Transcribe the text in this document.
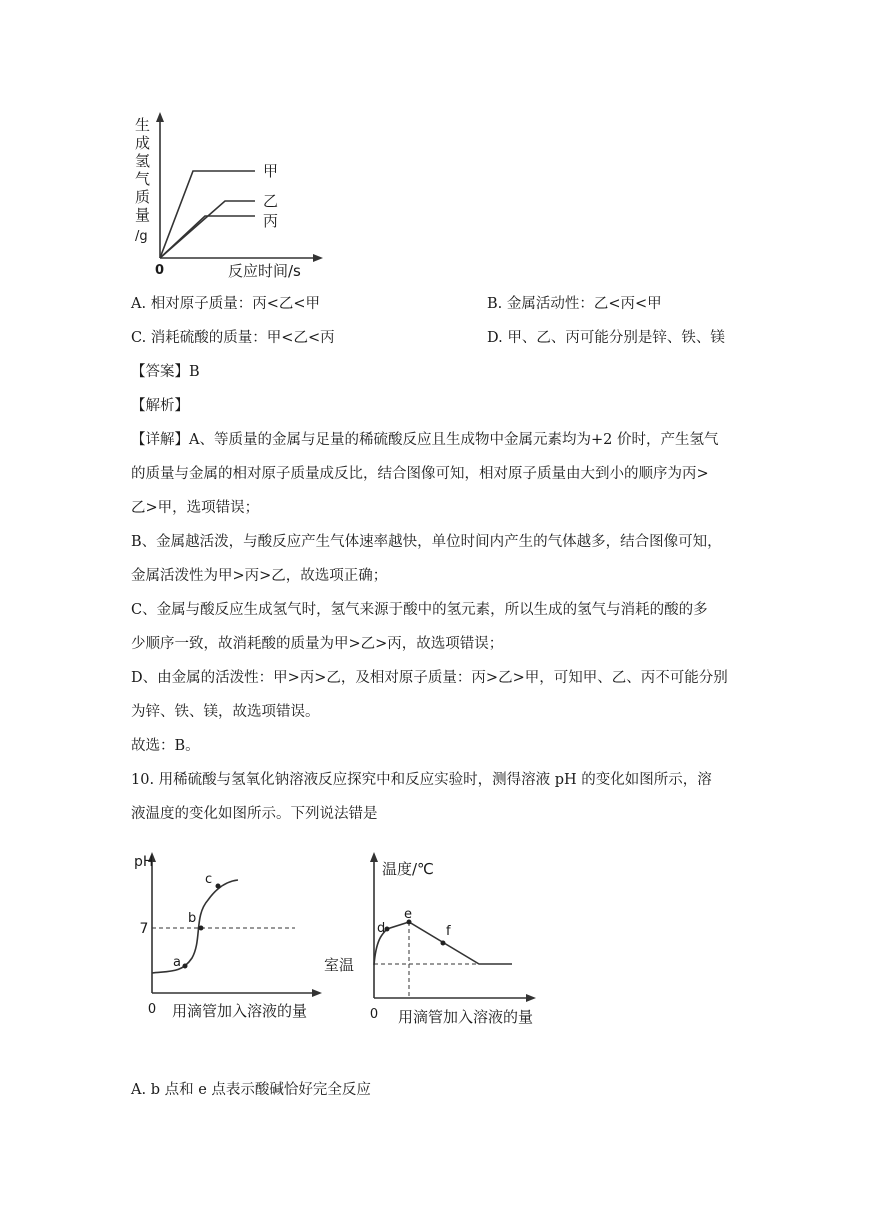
生
成
氢
气
质
量
/g
0	反应时间/s
甲
乙
丙
A. 相对原子质量：丙<乙<甲	B. 金属活动性：乙<丙<甲
C. 消耗硫酸的质量：甲<乙<丙	D. 甲、乙、丙可能分别是锌、铁、镁
【答案】B
【解析】
【详解】A、等质量的金属与足量的稀硫酸反应且生成物中金属元素均为+2 价时，产生氢气
的质量与金属的相对原子质量成反比，结合图像可知，相对原子质量由大到小的顺序为丙>
乙>甲，选项错误；
B、金属越活泼，与酸反应产生气体速率越快，单位时间内产生的气体越多，结合图像可知，
金属活泼性为甲>丙>乙，故选项正确；
C、金属与酸反应生成氢气时，氢气来源于酸中的氢元素，所以生成的氢气与消耗的酸的多
少顺序一致，故消耗酸的质量为甲>乙>丙，故选项错误；
D、由金属的活泼性：甲>丙>乙，及相对原子质量：丙>乙>甲，可知甲、乙、丙不可能分别
为锌、铁、镁，故选项错误。
故选：B。
10. 用稀硫酸与氢氧化钠溶液反应探究中和反应实验时，测得溶液 pH 的变化如图所示，溶
液温度的变化如图所示。下列说法错是
pH
7
0
a
b
c
用滴管加入溶液的量
温度/℃
室温
0
d
e
f
用滴管加入溶液的量
A. b 点和 e 点表示酸碱恰好完全反应
